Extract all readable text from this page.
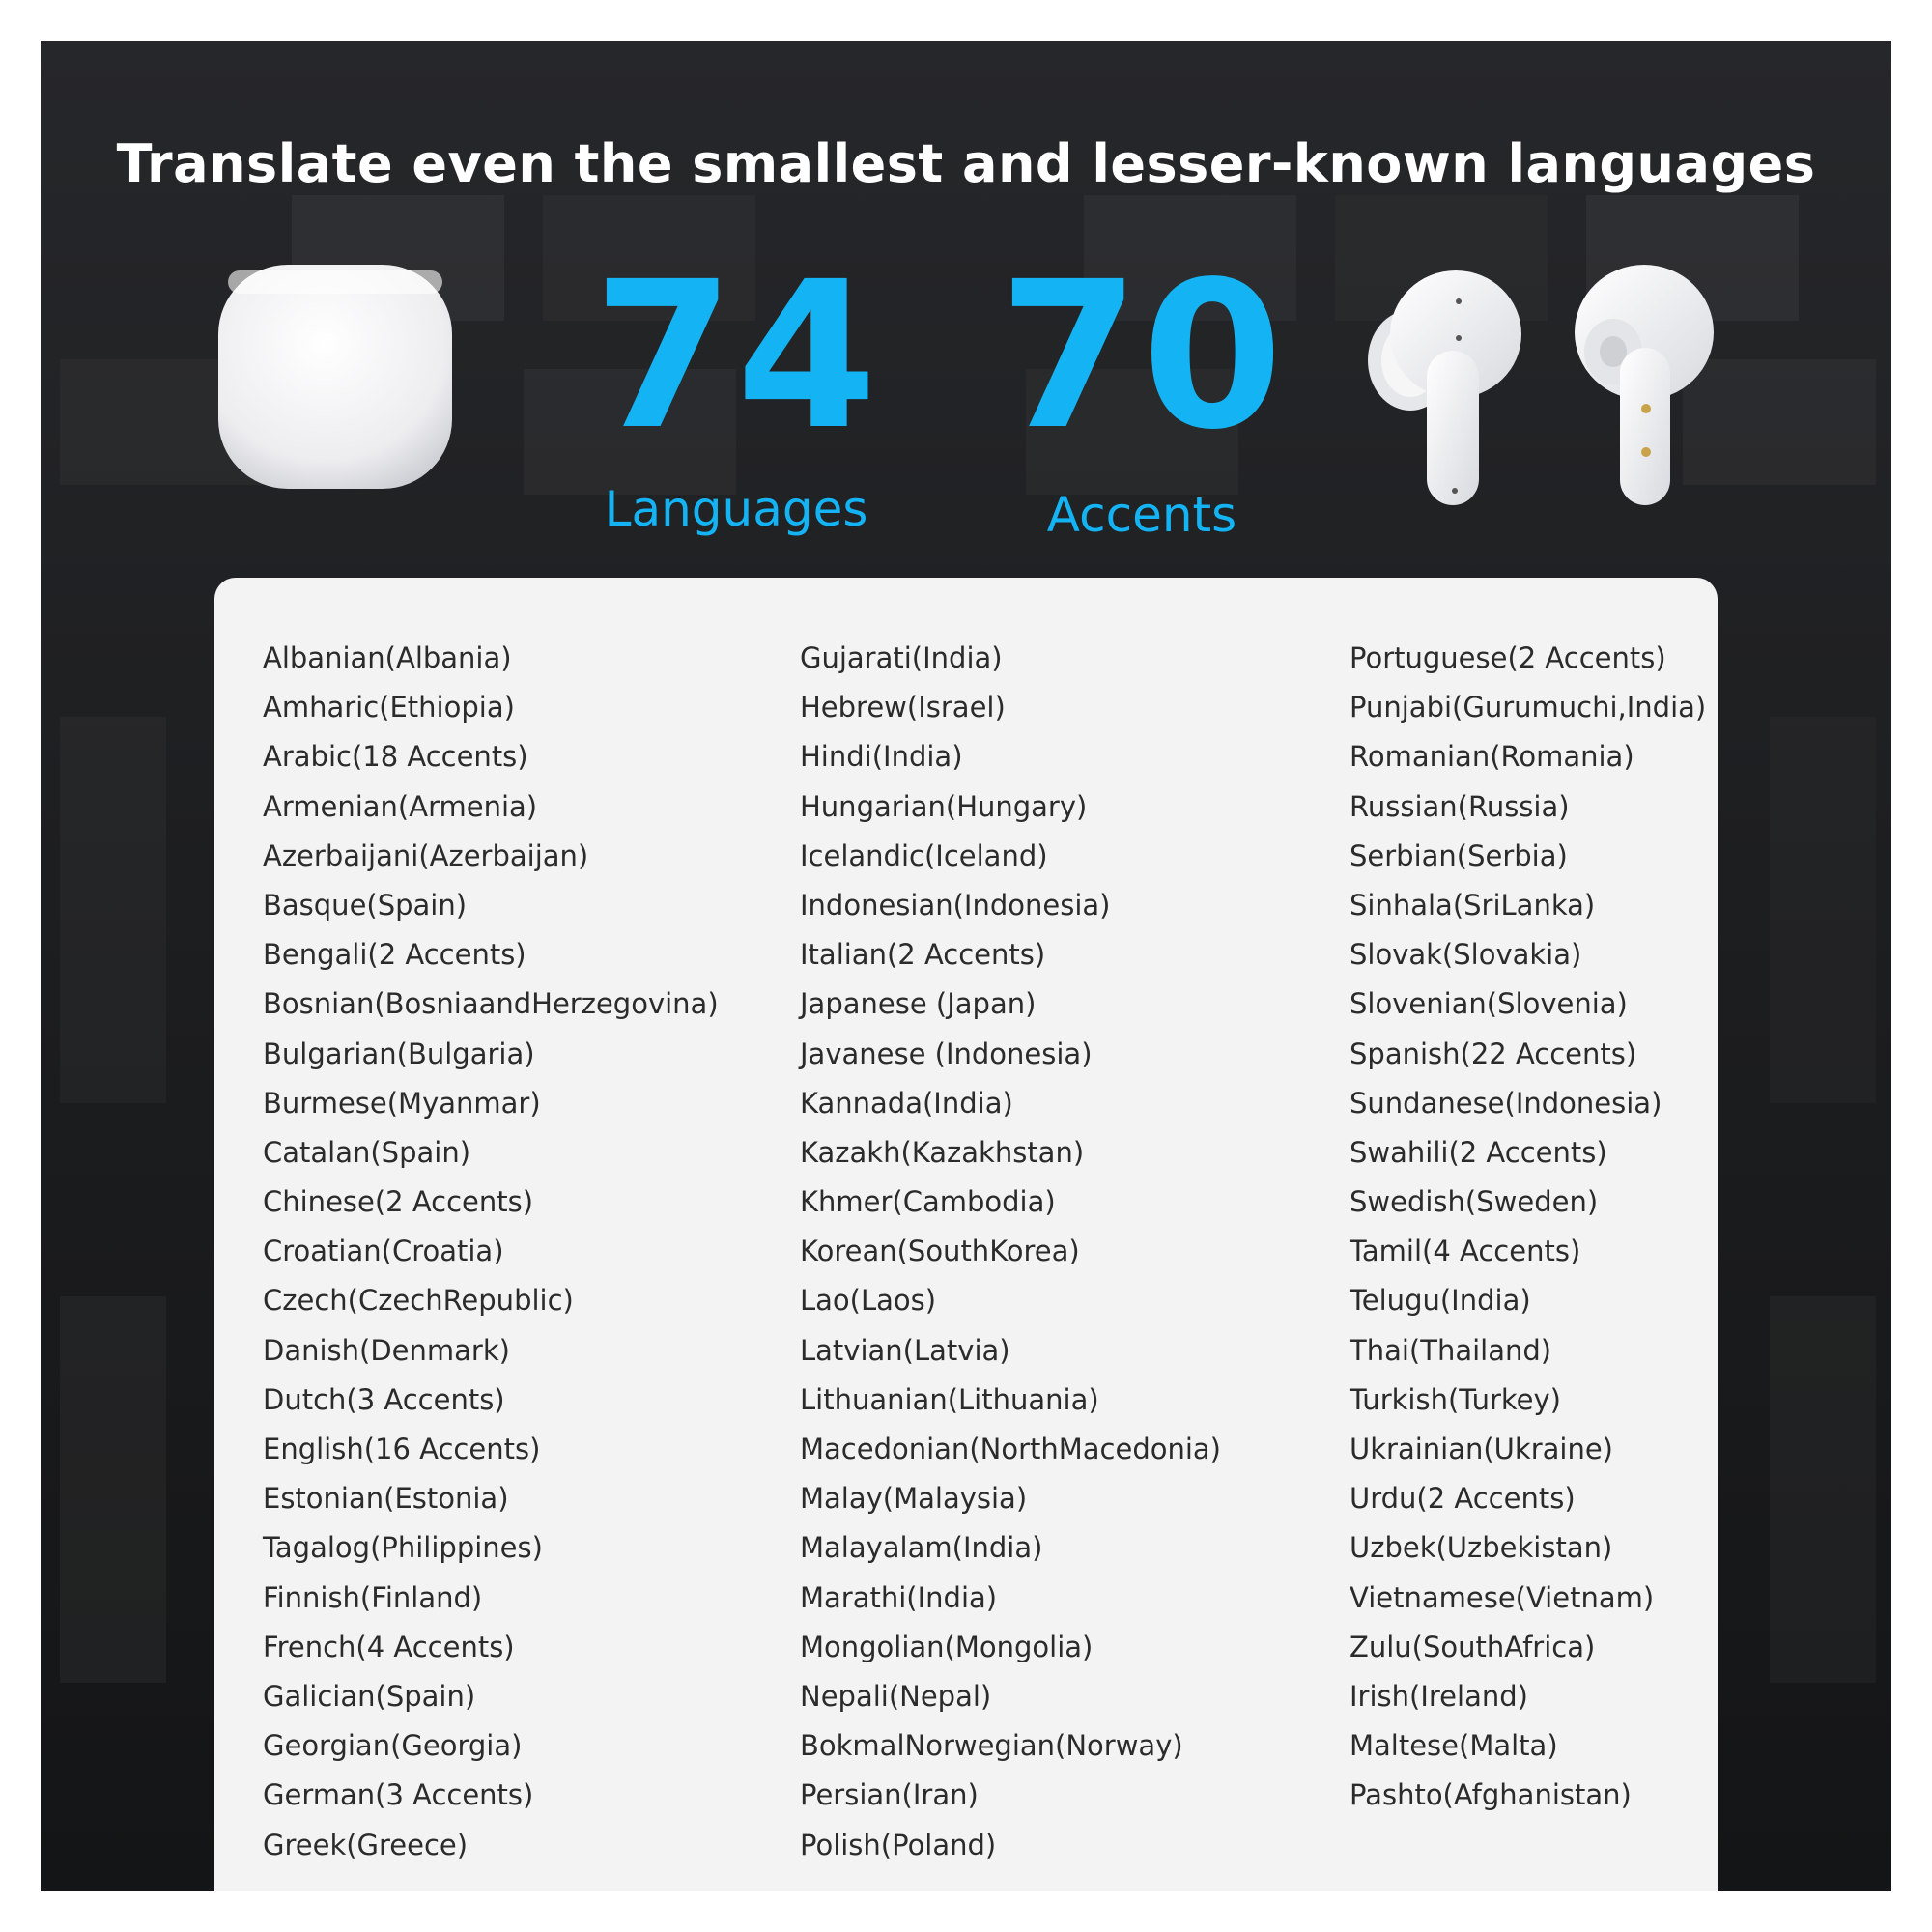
Translate even the smallest and lesser-known languages
74
Languages
70
Accents
Albanian(Albania)
Amharic(Ethiopia)
Arabic(18 Accents)
Armenian(Armenia)
Azerbaijani(Azerbaijan)
Basque(Spain)
Bengali(2 Accents)
Bosnian(BosniaandHerzegovina)
Bulgarian(Bulgaria)
Burmese(Myanmar)
Catalan(Spain)
Chinese(2 Accents)
Croatian(Croatia)
Czech(CzechRepublic)
Danish(Denmark)
Dutch(3 Accents)
English(16 Accents)
Estonian(Estonia)
Tagalog(Philippines)
Finnish(Finland)
French(4 Accents)
Galician(Spain)
Georgian(Georgia)
German(3 Accents)
Greek(Greece)
Gujarati(India)
Hebrew(Israel)
Hindi(India)
Hungarian(Hungary)
Icelandic(Iceland)
Indonesian(Indonesia)
Italian(2 Accents)
Japanese (Japan)
Javanese (Indonesia)
Kannada(India)
Kazakh(Kazakhstan)
Khmer(Cambodia)
Korean(SouthKorea)
Lao(Laos)
Latvian(Latvia)
Lithuanian(Lithuania)
Macedonian(NorthMacedonia)
Malay(Malaysia)
Malayalam(India)
Marathi(India)
Mongolian(Mongolia)
Nepali(Nepal)
BokmalNorwegian(Norway)
Persian(Iran)
Polish(Poland)
Portuguese(2 Accents)
Punjabi(Gurumuchi,India)
Romanian(Romania)
Russian(Russia)
Serbian(Serbia)
Sinhala(SriLanka)
Slovak(Slovakia)
Slovenian(Slovenia)
Spanish(22 Accents)
Sundanese(Indonesia)
Swahili(2 Accents)
Swedish(Sweden)
Tamil(4 Accents)
Telugu(India)
Thai(Thailand)
Turkish(Turkey)
Ukrainian(Ukraine)
Urdu(2 Accents)
Uzbek(Uzbekistan)
Vietnamese(Vietnam)
Zulu(SouthAfrica)
Irish(Ireland)
Maltese(Malta)
Pashto(Afghanistan)
